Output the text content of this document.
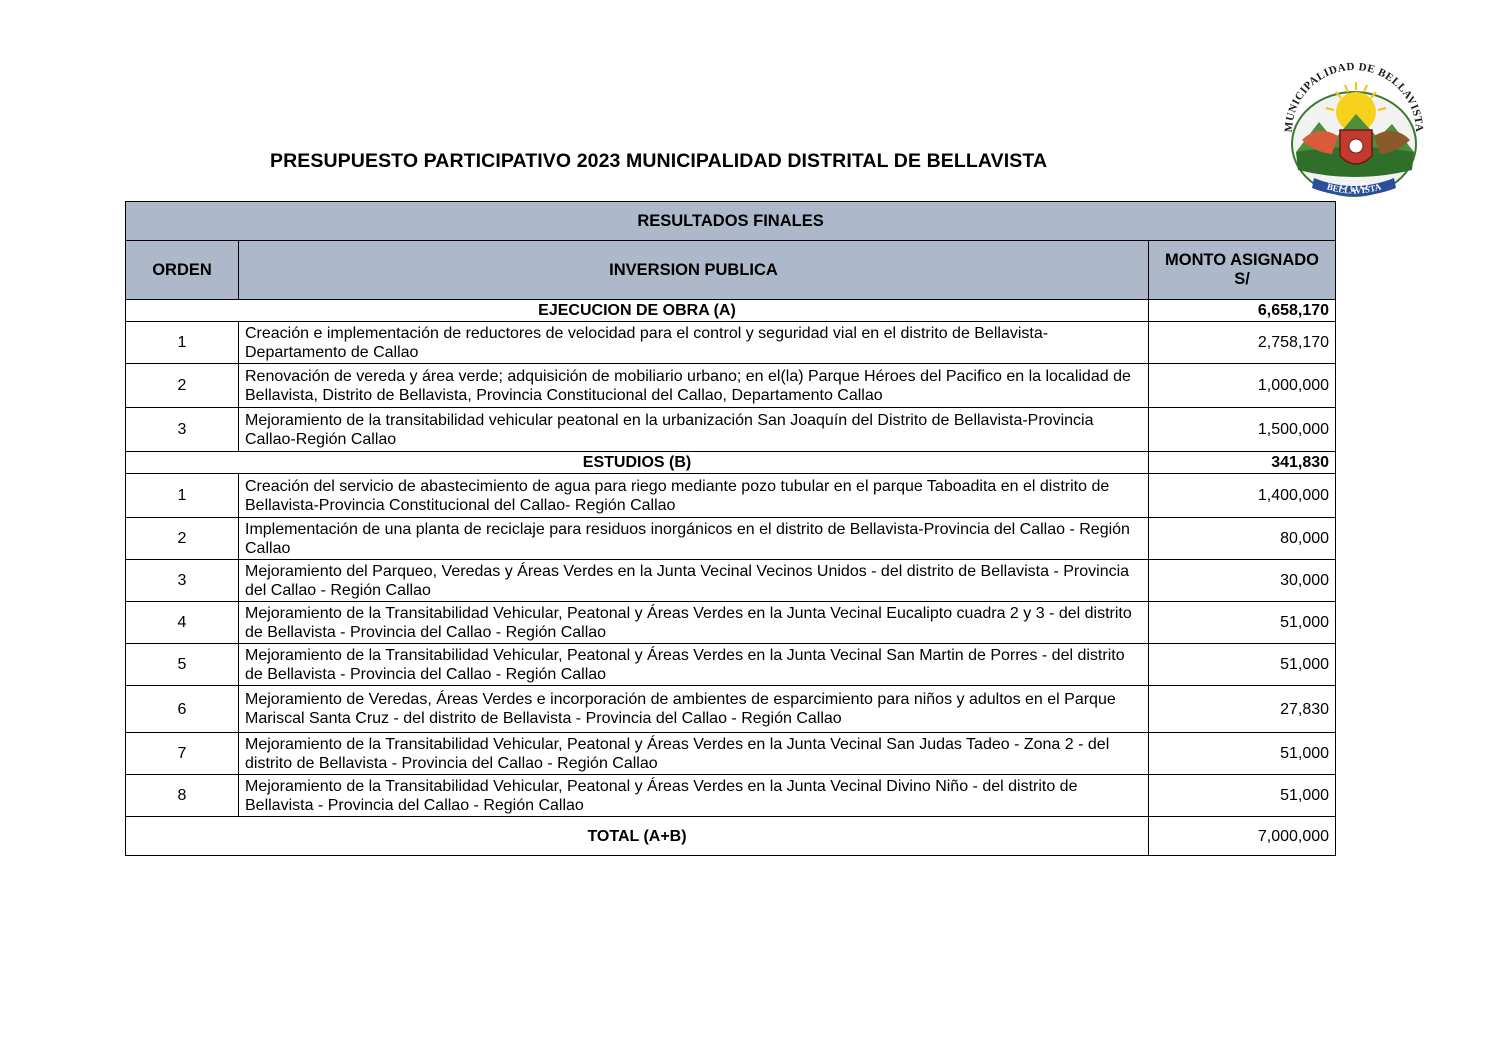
MUNICIPALIDAD DE BELLAVISTA
BELLAVISTA
PRESUPUESTO PARTICIPATIVO 2023 MUNICIPALIDAD DISTRITAL DE BELLAVISTA
RESULTADOS FINALES		
ORDEN	INVERSION PUBLICA	MONTO ASIGNADO
S/
EJECUCION DE OBRA (A)		6,658,170
1	Creación e implementación de reductores de velocidad para el control y seguridad vial en el distrito de Bellavista-Departamento de Callao	2,758,170
2	Renovación de vereda y área verde; adquisición de mobiliario urbano; en el(la) Parque Héroes del Pacifico en la localidad de Bellavista, Distrito de Bellavista, Provincia Constitucional del Callao, Departamento Callao	1,000,000
3	Mejoramiento de la transitabilidad vehicular peatonal en la urbanización San Joaquín del Distrito de Bellavista-Provincia Callao-Región Callao	1,500,000
ESTUDIOS (B)		341,830
1	Creación del servicio de abastecimiento de agua para riego mediante pozo tubular en el parque Taboadita en el distrito de Bellavista-Provincia Constitucional del Callao- Región Callao	1,400,000
2	Implementación de una planta de reciclaje para residuos inorgánicos en el distrito de Bellavista-Provincia del Callao - Región Callao	80,000
3	Mejoramiento del Parqueo, Veredas y Áreas Verdes en la Junta Vecinal Vecinos Unidos - del distrito de Bellavista - Provincia del Callao - Región Callao	30,000
4	Mejoramiento de la Transitabilidad Vehicular, Peatonal y Áreas Verdes en la Junta Vecinal Eucalipto cuadra 2 y 3 - del distrito de Bellavista - Provincia del Callao - Región Callao	51,000
5	Mejoramiento de la Transitabilidad Vehicular, Peatonal y Áreas Verdes en la Junta Vecinal San Martin de Porres - del distrito de Bellavista - Provincia del Callao - Región Callao	51,000
6	Mejoramiento de Veredas, Áreas Verdes e incorporación de ambientes de esparcimiento para niños y adultos en el Parque Mariscal Santa Cruz - del distrito de Bellavista - Provincia del Callao - Región Callao	27,830
7	Mejoramiento de la Transitabilidad Vehicular, Peatonal y Áreas Verdes en la Junta Vecinal San Judas Tadeo - Zona 2 - del distrito de Bellavista - Provincia del Callao - Región Callao	51,000
8	Mejoramiento de la Transitabilidad Vehicular, Peatonal y Áreas Verdes en la Junta Vecinal Divino Niño - del distrito de Bellavista - Provincia del Callao - Región Callao	51,000
TOTAL (A+B)		7,000,000
